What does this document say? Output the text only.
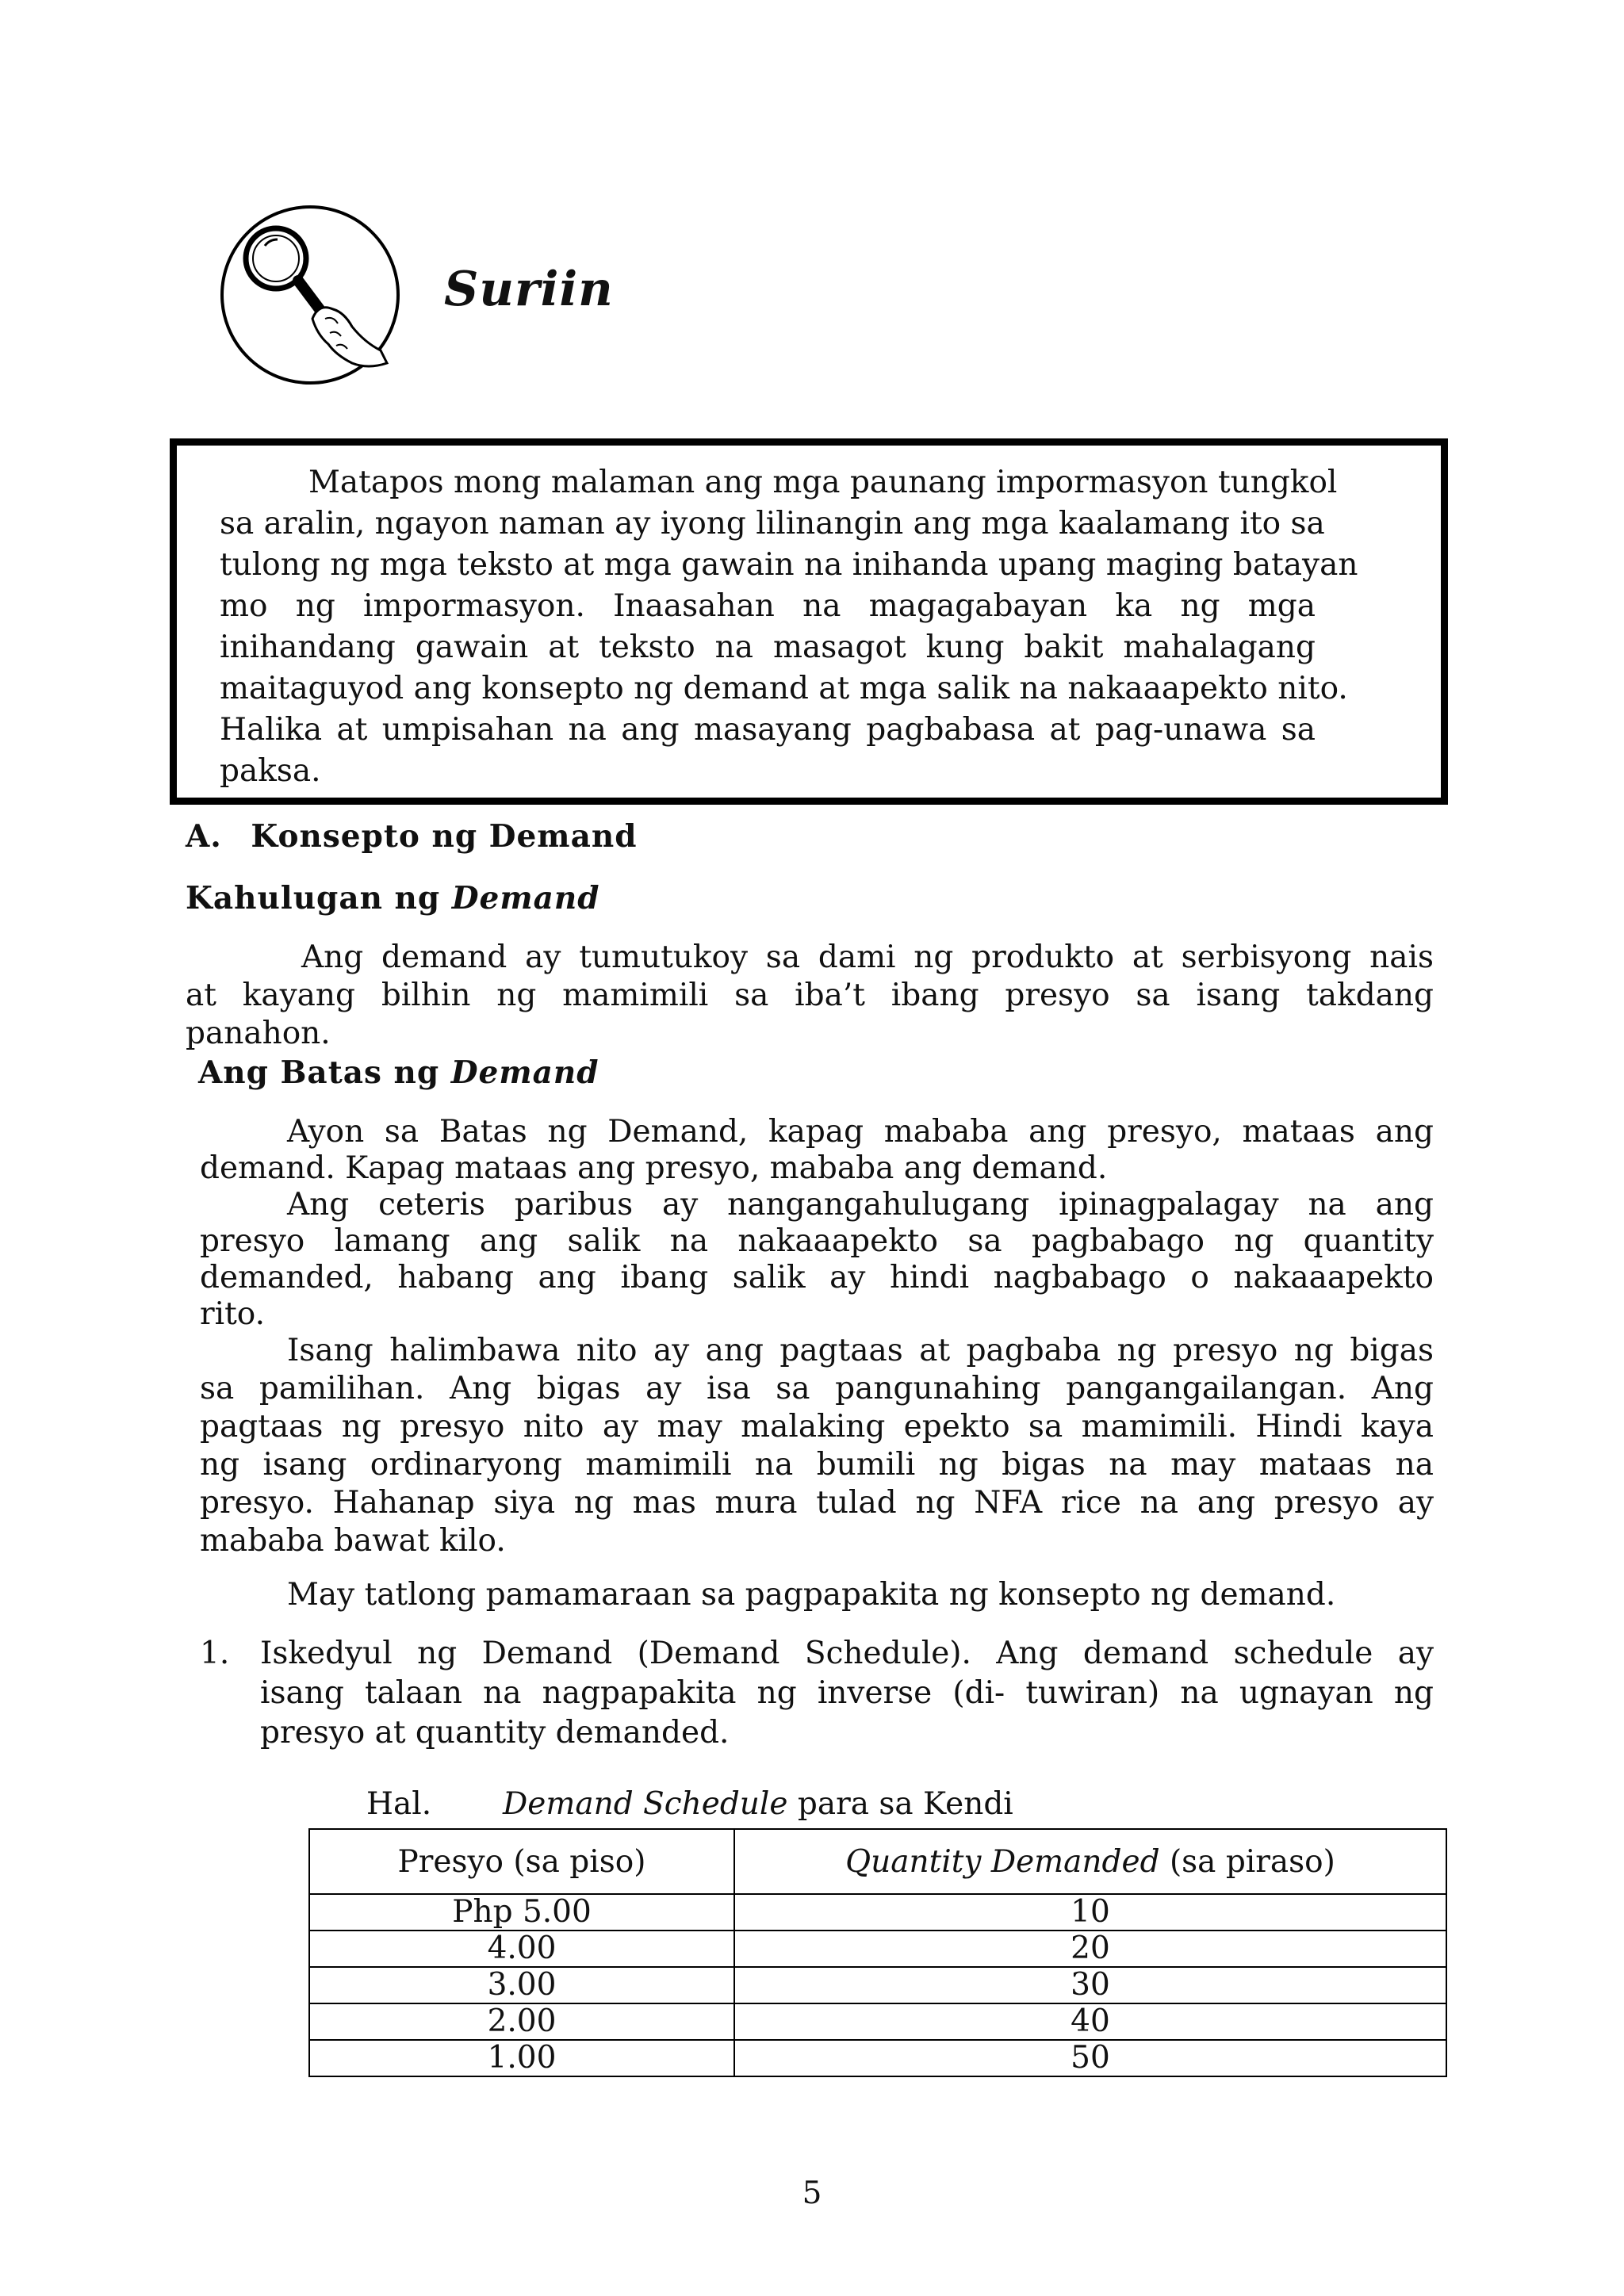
Suriin
Matapos mong malaman ang mga paunang impormasyon tungkol
sa aralin, ngayon naman ay iyong lilinangin ang mga kaalamang ito sa
tulong ng mga teksto at mga gawain na inihanda upang maging batayan
mo ng impormasyon. Inaasahan na magagabayan ka ng mga
inihandang gawain at teksto na masagot kung bakit mahalagang
maitaguyod ang konsepto ng demand at mga salik na nakaaapekto nito.
Halika at umpisahan na ang masayang pagbabasa at pag-unawa sa
paksa.
A. Konsepto ng Demand
Kahulugan ng Demand
Ang demand ay tumutukoy sa dami ng produkto at serbisyong nais
at kayang bilhin ng mamimili sa iba’t ibang presyo sa isang takdang
panahon.
Ang Batas ng Demand
Ayon sa Batas ng Demand, kapag mababa ang presyo, mataas ang
demand. Kapag mataas ang presyo, mababa ang demand.
Ang ceteris paribus ay nangangahulugang ipinagpalagay na ang
presyo lamang ang salik na nakaaapekto sa pagbabago ng quantity
demanded, habang ang ibang salik ay hindi nagbabago o nakaaapekto
rito.
Isang halimbawa nito ay ang pagtaas at pagbaba ng presyo ng bigas
sa pamilihan. Ang bigas ay isa sa pangunahing pangangailangan. Ang
pagtaas ng presyo nito ay may malaking epekto sa mamimili. Hindi kaya
ng isang ordinaryong mamimili na bumili ng bigas na may mataas na
presyo. Hahanap siya ng mas mura tulad ng NFA rice na ang presyo ay
mababa bawat kilo.
May tatlong pamamaraan sa pagpapakita ng konsepto ng demand.
1. Iskedyul ng Demand (Demand Schedule). Ang demand schedule ay
isang talaan na nagpapakita ng inverse (di- tuwiran) na ugnayan ng
presyo at quantity demanded.
Hal. Demand Schedule para sa Kendi
Presyo (sa piso)	Quantity Demanded (sa piraso)
Php 5.00	10
4.00	20
3.00	30
2.00	40
1.00	50
5
